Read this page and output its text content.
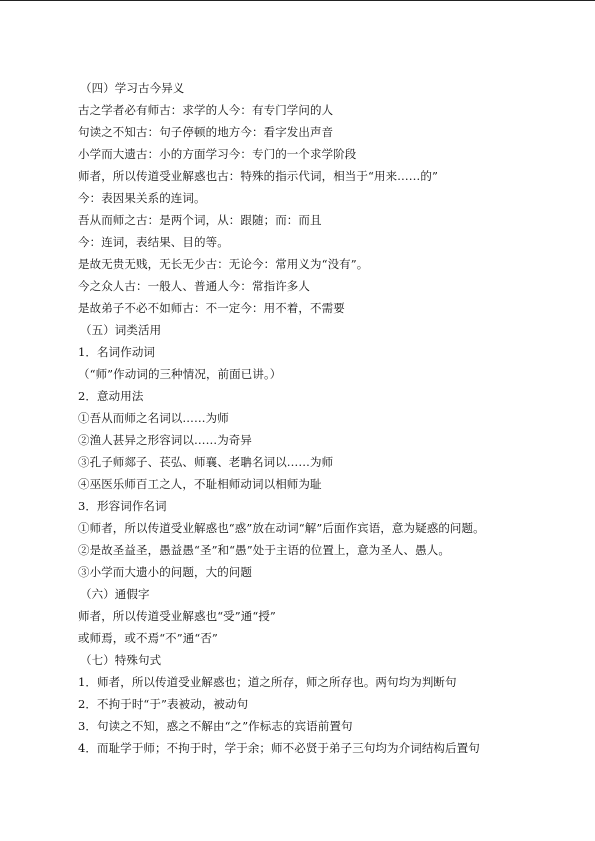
（四）学习古今异义
古之学者必有师古：求学的人今：有专门学问的人
句读之不知古：句子停顿的地方今：看字发出声音
小学而大遗古：小的方面学习今：专门的一个求学阶段
师者，所以传道受业解惑也古：特殊的指示代词，相当于“用来……的”
今：表因果关系的连词。
吾从而师之古：是两个词，从：跟随；而：而且
今：连词，表结果、目的等。
是故无贵无贱，无长无少古：无论今：常用义为“没有”。
今之众人古：一般人、普通人今：常指许多人
是故弟子不必不如师古：不一定今：用不着，不需要
（五）词类活用
1．名词作动词
（“师”作动词的三种情况，前面已讲。）
2．意动用法
①吾从而师之名词以……为师
②渔人甚异之形容词以……为奇异
③孔子师郯子、苌弘、师襄、老聃名词以……为师
④巫医乐师百工之人，不耻相师动词以相师为耻
3．形容词作名词
①师者，所以传道受业解惑也“惑”放在动词“解”后面作宾语，意为疑惑的问题。
②是故圣益圣，愚益愚“圣”和“愚”处于主语的位置上，意为圣人、愚人。
③小学而大遗小的问题，大的问题
（六）通假字
师者，所以传道受业解惑也“受”通“授”
或师焉，或不焉“不”通“否”
（七）特殊句式
1．师者，所以传道受业解惑也；道之所存，师之所存也。两句均为判断句
2．不拘于时“于”表被动，被动句
3．句读之不知，惑之不解由“之”作标志的宾语前置句
4．而耻学于师；不拘于时，学于余；师不必贤于弟子三句均为介词结构后置句
